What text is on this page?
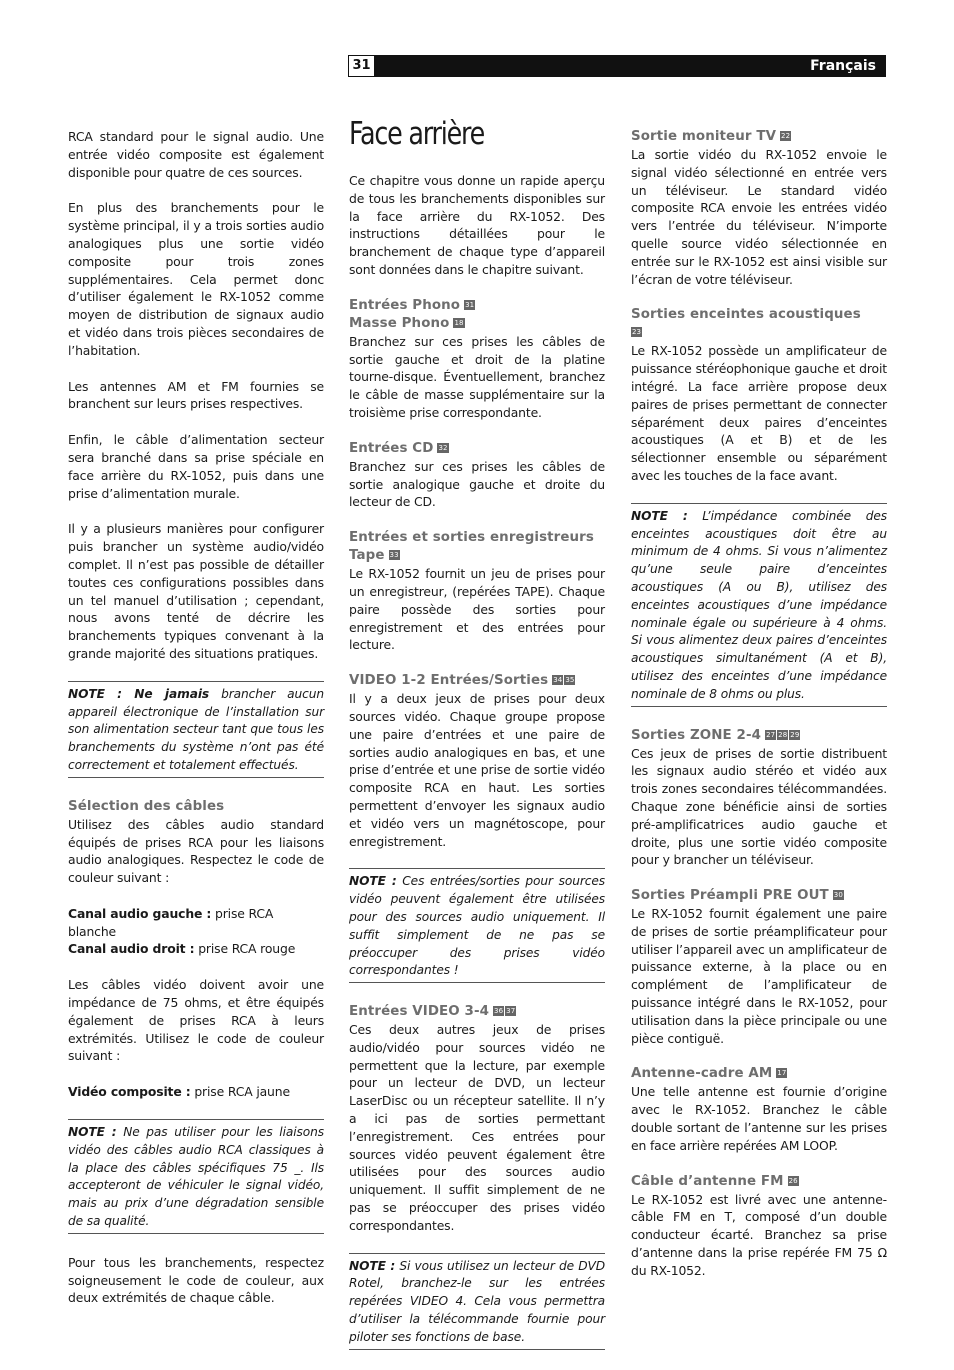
31	Français

RCA standard pour le signal audio. Une entrée vidéo composite est également disponible pour quatre de ces sources.

En plus des branchements pour le système principal, il y a trois sorties audio analogiques plus une sortie vidéo composite pour trois zones supplémentaires. Cela permet donc d’utiliser également le RX-1052 comme moyen de distribution de signaux audio et vidéo dans trois pièces secondaires de l’habitation.

Les antennes AM et FM fournies se branchent sur leurs prises respectives.

Enfin, le câble d’alimentation secteur sera branché dans sa prise spéciale en face arrière du RX-1052, puis dans une prise d’alimentation murale.

Il y a plusieurs manières pour configurer puis brancher un système audio/vidéo complet. Il n’est pas possible de détailler toutes ces configurations possibles dans un tel manuel d’utilisation ; cependant, nous avons tenté de décrire les branchements typiques convenant à la grande majorité des situations pratiques.

NOTE : Ne jamais brancher aucun appareil électronique de l’installation sur son alimentation secteur tant que tous les branchements du système n’ont pas été correctement et totalement effectués.
Sélection des câbles

Utilisez des câbles audio standard équipés de prises RCA pour les liaisons audio analogiques. Respectez le code de couleur suivant :

Canal audio gauche : prise RCA blanche
Canal audio droit : prise RCA rouge

Les câbles vidéo doivent avoir une impédance de 75 ohms, et être équipés également de prises RCA à leurs extrémités. Utilisez le code de couleur suivant :

Vidéo composite : prise RCA jaune

NOTE : Ne pas utiliser pour les liaisons vidéo des câbles audio RCA classiques à la place des câbles spécifiques 75 _. Ils accepteront de véhiculer le signal vidéo, mais au prix d’une dégradation sensible de sa qualité.

Pour tous les branchements, respectez soigneusement le code de couleur, aux deux extrémités de chaque câble.

Face arrière

Ce chapitre vous donne un rapide aperçu de tous les branchements disponibles sur la face arrière du RX-1052. Des instructions détaillées pour le branchement de chaque type d’appareil sont données dans le chapitre suivant.

Entrées Phono 31
Masse Phono 18

Branchez sur ces prises les câbles de sortie gauche et droit de la platine tourne-disque. Éventuellement, branchez le câble de masse supplémentaire sur la troisième prise correspondante.

Entrées CD 32

Branchez sur ces prises les câbles de sortie analogique gauche et droite du lecteur de CD.

Entrées et sorties enregistreurs Tape 33

Le RX-1052 fournit un jeu de prises pour un enregistreur, (repérées TAPE). Chaque paire possède des sorties pour enregistrement et des entrées pour lecture.

VIDEO 1-2 Entrées/Sorties 34 35

Il y a deux jeux de prises pour deux sources vidéo. Chaque groupe propose une paire d’entrées et une paire de sorties audio analogiques en bas, et une prise d’entrée et une prise de sortie vidéo composite RCA en haut. Les sorties permettent d’envoyer les signaux audio et vidéo vers un magnétoscope, pour enregistrement.

NOTE : Ces entrées/sorties pour sources vidéo peuvent également être utilisées pour des sources audio uniquement. Il suffit simplement de ne pas se préoccuper des prises vidéo correspondantes !
Entrées VIDEO 3-4 36 37

Ces deux autres jeux de prises audio/vidéo pour sources vidéo ne permettent que la lecture, par exemple pour un lecteur de DVD, un lecteur LaserDisc ou un récepteur satellite. Il n’y a ici pas de sorties permettant l’enregistrement. Ces entrées pour sources vidéo peuvent également être utilisées pour des sources audio uniquement. Il suffit simplement de ne pas se préoccuper des prises vidéo correspondantes.

NOTE : Si vous utilisez un lecteur de DVD Rotel, branchez-le sur les entrées repérées VIDEO 4. Cela vous permettra d’utiliser la télécommande fournie pour piloter ses fonctions de base.
Sortie moniteur TV 22

La sortie vidéo du RX-1052 envoie le signal vidéo sélectionné en entrée vers un téléviseur. Le standard vidéo composite RCA envoie les entrées vidéo vers l’entrée du téléviseur. N’importe quelle source vidéo sélectionnée en entrée sur le RX-1052 est ainsi visible sur l’écran de votre téléviseur.

Sorties enceintes acoustiques
23

Le RX-1052 possède un amplificateur de puissance stéréophonique gauche et droit intégré. La face arrière propose deux paires de prises permettant de connecter séparément deux paires d’enceintes acoustiques (A et B) et de les sélectionner ensemble ou séparément avec les touches de la face avant.

NOTE : L’impédance combinée des enceintes acoustiques doit être au minimum de 4 ohms. Si vous n’alimentez qu’une seule paire d’enceintes acoustiques (A ou B), utilisez des enceintes acoustiques d’une impédance nominale égale ou supérieure à 4 ohms. Si vous alimentez deux paires d’enceintes acoustiques simultanément (A et B), utilisez des enceintes d’une impédance nominale de 8 ohms ou plus.
Sorties ZONE 2-4 27 28 29

Ces jeux de prises de sortie distribuent les signaux audio stéréo et vidéo aux trois zones secondaires télécommandées. Chaque zone bénéficie ainsi de sorties pré-amplificatrices audio gauche et droite, plus une sortie vidéo composite pour y brancher un téléviseur.

Sorties Préampli PRE OUT 30

Le RX-1052 fournit également une paire de prises de sortie préamplificateur pour utiliser l’appareil avec un amplificateur de puissance externe, à la place ou en complément de l’amplificateur de puissance intégré dans le RX-1052, pour utilisation dans la pièce principale ou une pièce contiguë.

Antenne-cadre AM 17

Une telle antenne est fournie d’origine avec le RX-1052. Branchez le câble double sortant de l’antenne sur les prises en face arrière repérées AM LOOP.

Câble d’antenne FM 26

Le RX-1052 est livré avec une antenne-câble FM en T, composé d’un double conducteur écarté. Branchez sa prise d’antenne dans la prise repérée FM 75 Ω du RX-1052.
